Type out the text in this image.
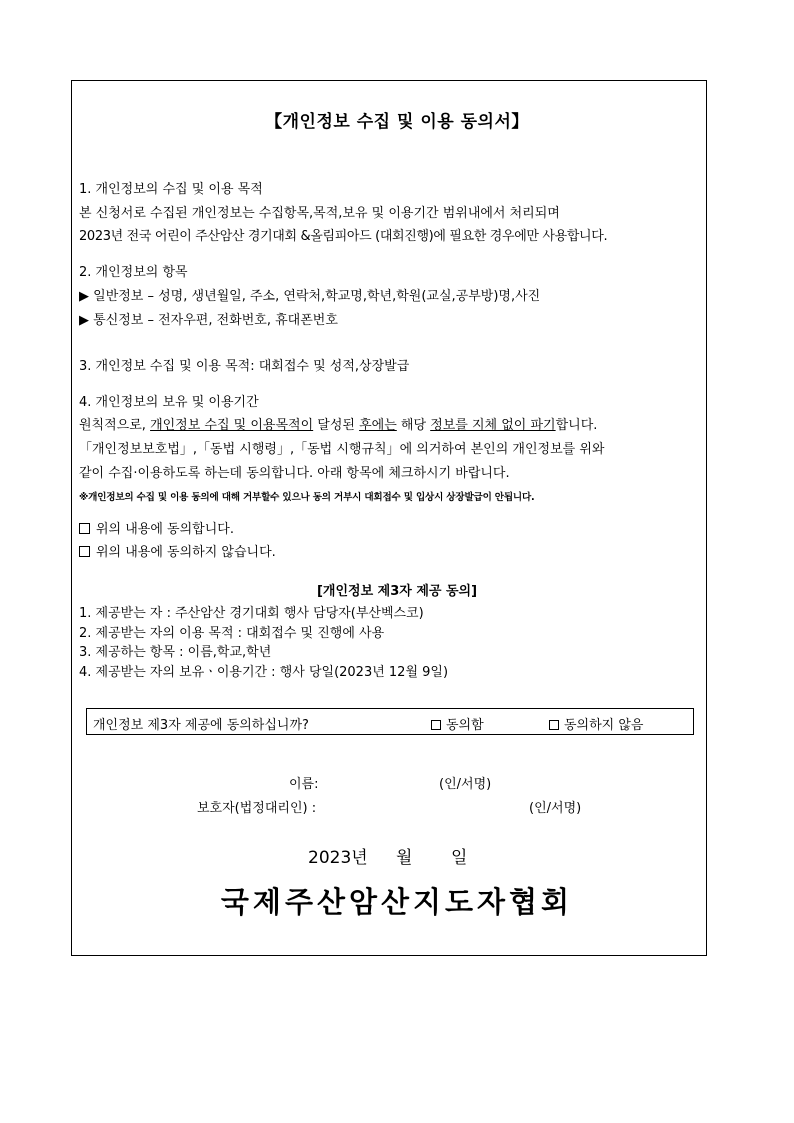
【개인정보 수집 및 이용 동의서】
1. 개인정보의 수집 및 이용 목적
본 신청서로 수집된 개인정보는 수집항목,목적,보유 및 이용기간 범위내에서 처리되며
2023년 전국 어린이 주산암산 경기대회 &올림피아드 (대회진행)에 필요한 경우에만 사용합니다.
2. 개인정보의 항목
▶ 일반정보 – 성명, 생년월일, 주소, 연락처,학교명,학년,학원(교실,공부방)명,사진
▶ 통신정보 – 전자우편, 전화번호, 휴대폰번호
3. 개인정보 수집 및 이용 목적: 대회접수 및 성적,상장발급
4. 개인정보의 보유 및 이용기간
원칙적으로, 개인정보 수집 및 이용목적이 달성된 후에는 해당 정보를 지체 없이 파기합니다.
「개인정보보호법」,「동법 시행령」,「동법 시행규칙」에 의거하여 본인의 개인정보를 위와
같이 수집·이용하도록 하는데 동의합니다. 아래 항목에 체크하시기 바랍니다.
※개인정보의 수집 및 이용 동의에 대해 거부할수 있으나 동의 거부시 대회접수 및 입상시 상장발급이 안됩니다.
위의 내용에 동의합니다.
위의 내용에 동의하지 않습니다.
[개인정보 제3자 제공 동의]
1. 제공받는 자 : 주산암산 경기대회 행사 담당자(부산벡스코)
2. 제공받는 자의 이용 목적 : 대회접수 및 진행에 사용
3. 제공하는 항목 : 이름,학교,학년
4. 제공받는 자의 보유ㆍ이용기간 : 행사 당일(2023년 12월 9일)
개인정보 제3자 제공에 동의하십니까?	동의함	동의하지 않음
이름:	(인/서명)
보호자(법정대리인) :	(인/서명)
2023년 월 일
국제주산암산지도자협회
